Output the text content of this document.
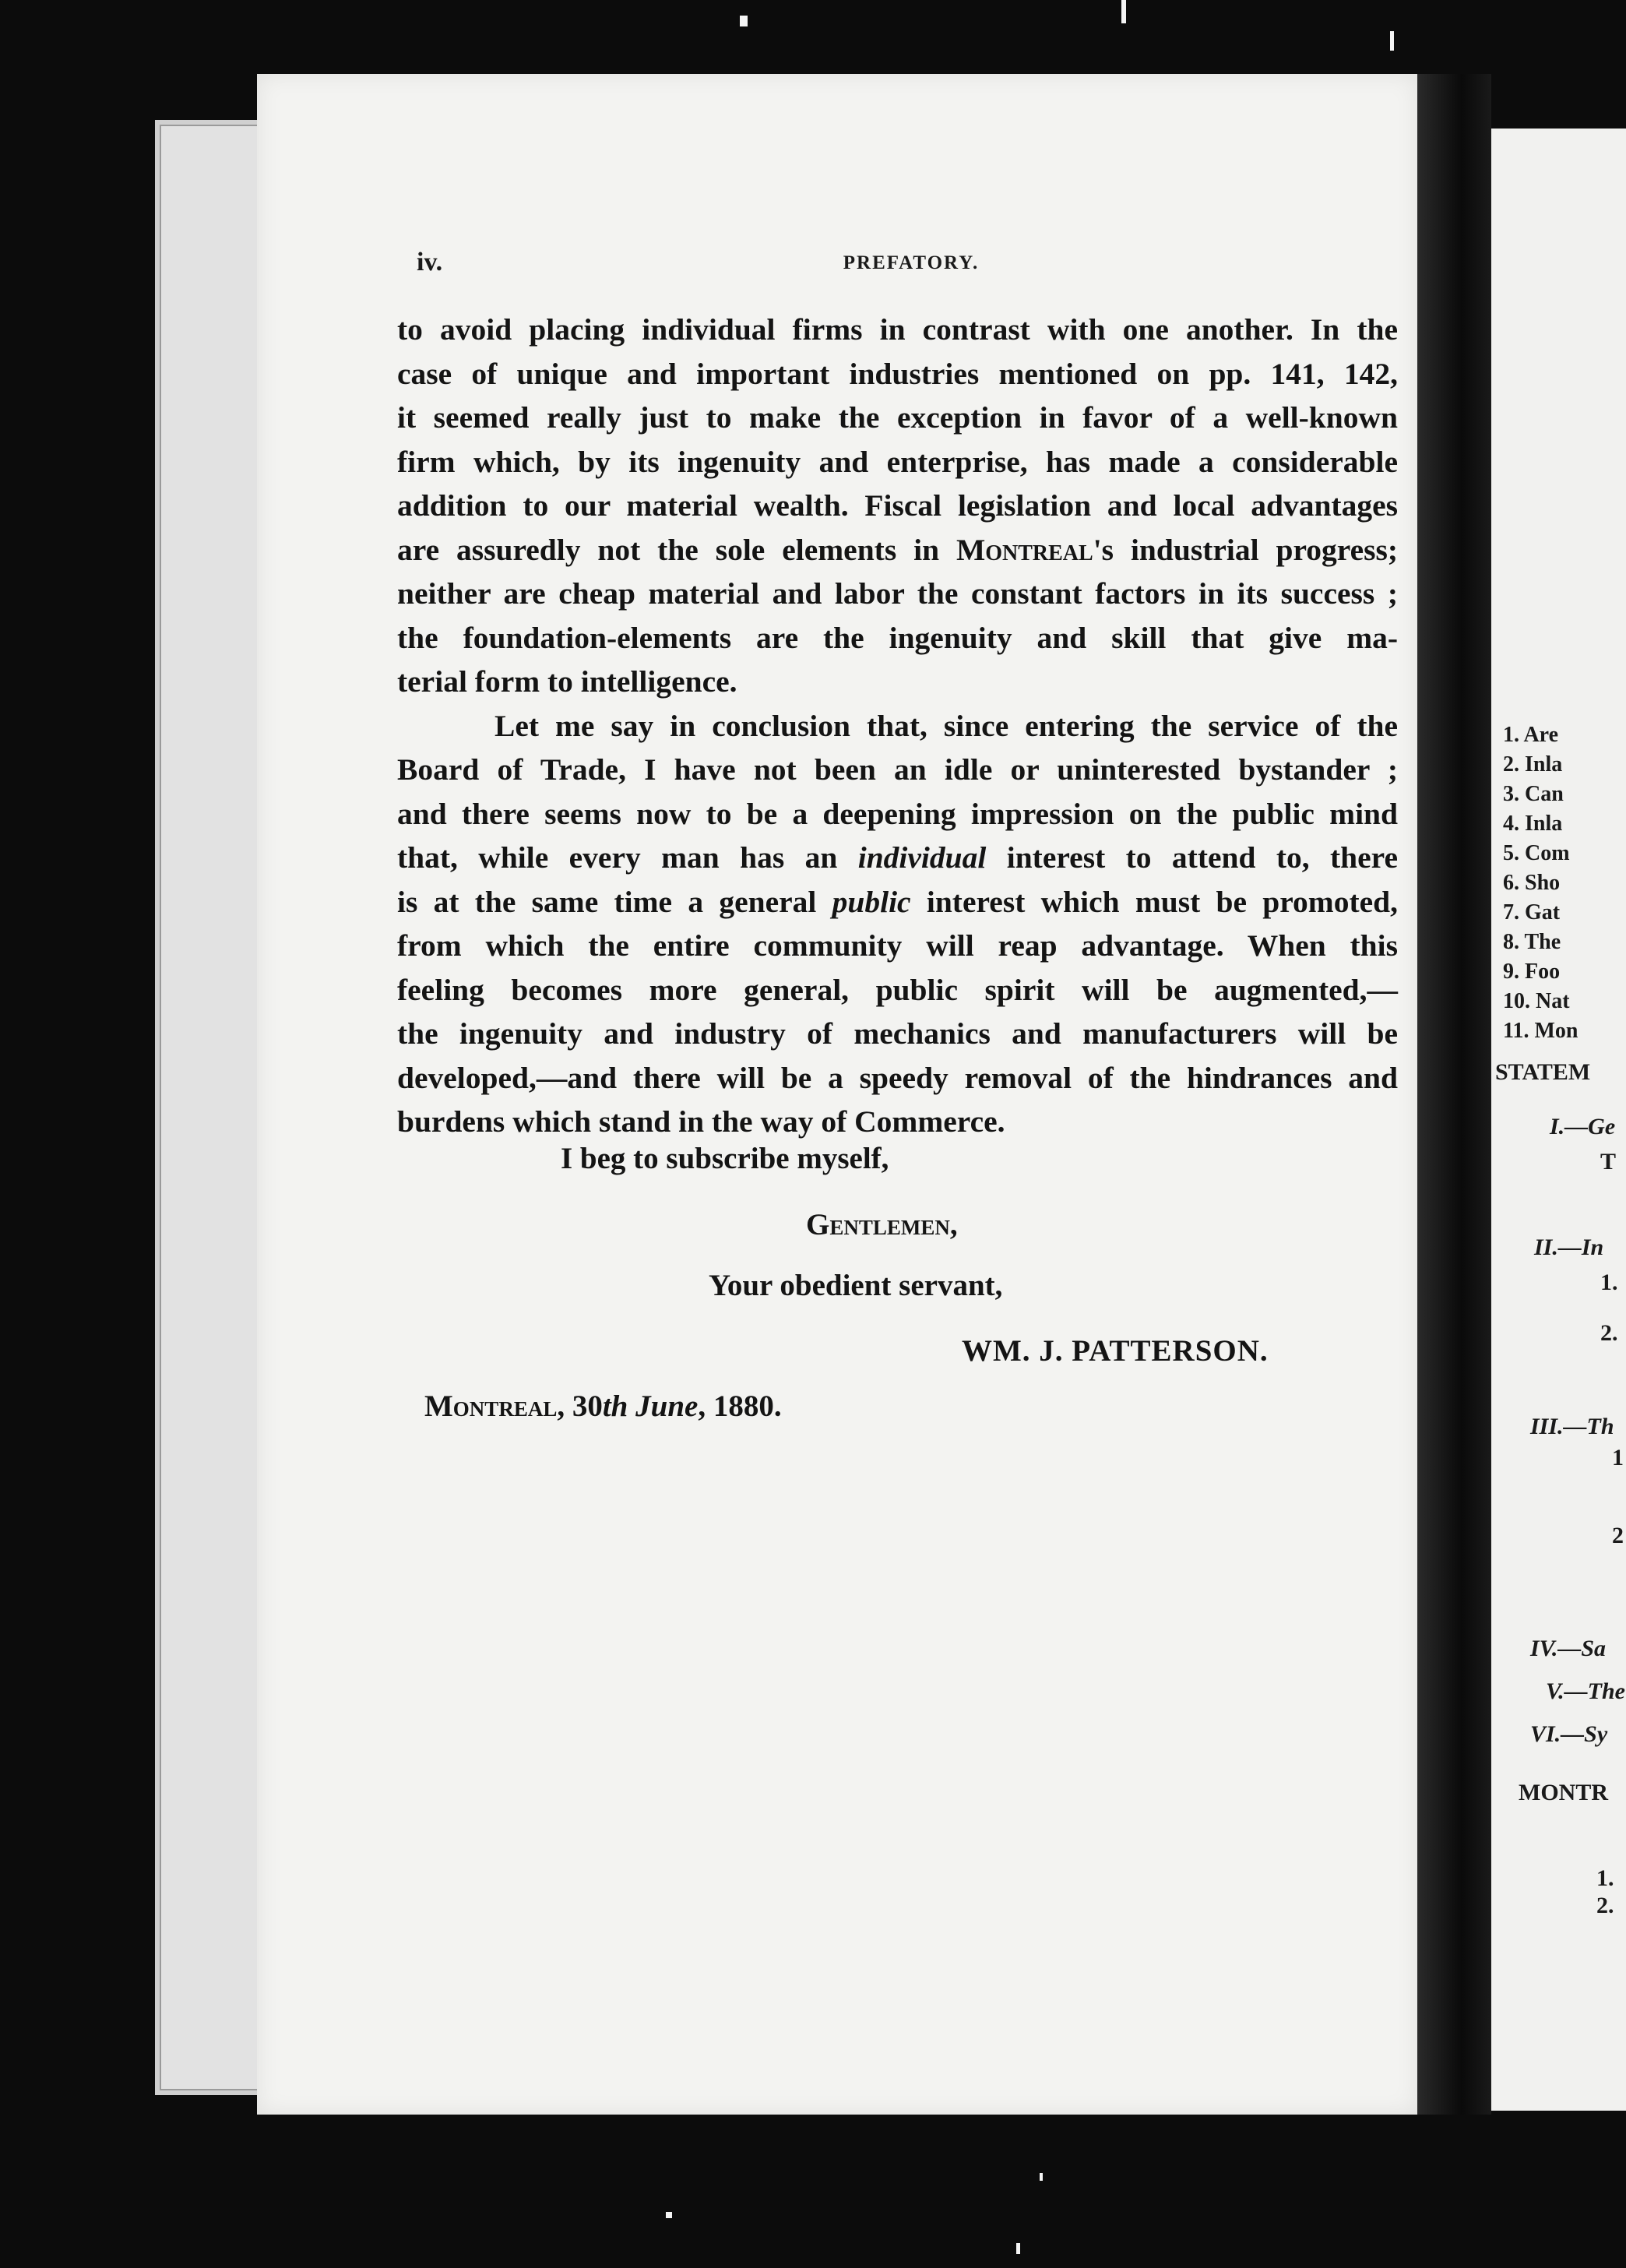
1. Are
2. Inla
3. Can
4. Inla
5. Com
6. Sho
7. Gat
8. The
9. Foo
10. Nat
11. Mon
STATEM
I.—Ge
T
II.—In
1.
2.
III.—Th
1
2
IV.—Sa
V.—The
VI.—Sy
MONTR
1.
2.
iv.	PREFATORY.
to avoid placing individual firms in contrast with one another. In the
case of unique and important industries mentioned on pp. 141, 142,
it seemed really just to make the exception in favor of a well-known
firm which, by its ingenuity and enterprise, has made a considerable
addition to our material wealth. Fiscal legislation and local advantages
are assuredly not the sole elements in Montreal's industrial progress;
neither are cheap material and labor the constant factors in its success ;
the foundation-elements are the ingenuity and skill that give ma-
terial form to intelligence.
Let me say in conclusion that, since entering the service of the
Board of Trade, I have not been an idle or uninterested bystander ;
and there seems now to be a deepening impression on the public mind
that, while every man has an individual interest to attend to, there
is at the same time a general public interest which must be promoted,
from which the entire community will reap advantage. When this
feeling becomes more general, public spirit will be augmented,—
the ingenuity and industry of mechanics and manufacturers will be
developed,—and there will be a speedy removal of the hindrances and
burdens which stand in the way of Commerce.
I beg to subscribe myself,
Gentlemen,
Your obedient servant,
WM. J. PATTERSON.
Montreal, 30th June, 1880.
